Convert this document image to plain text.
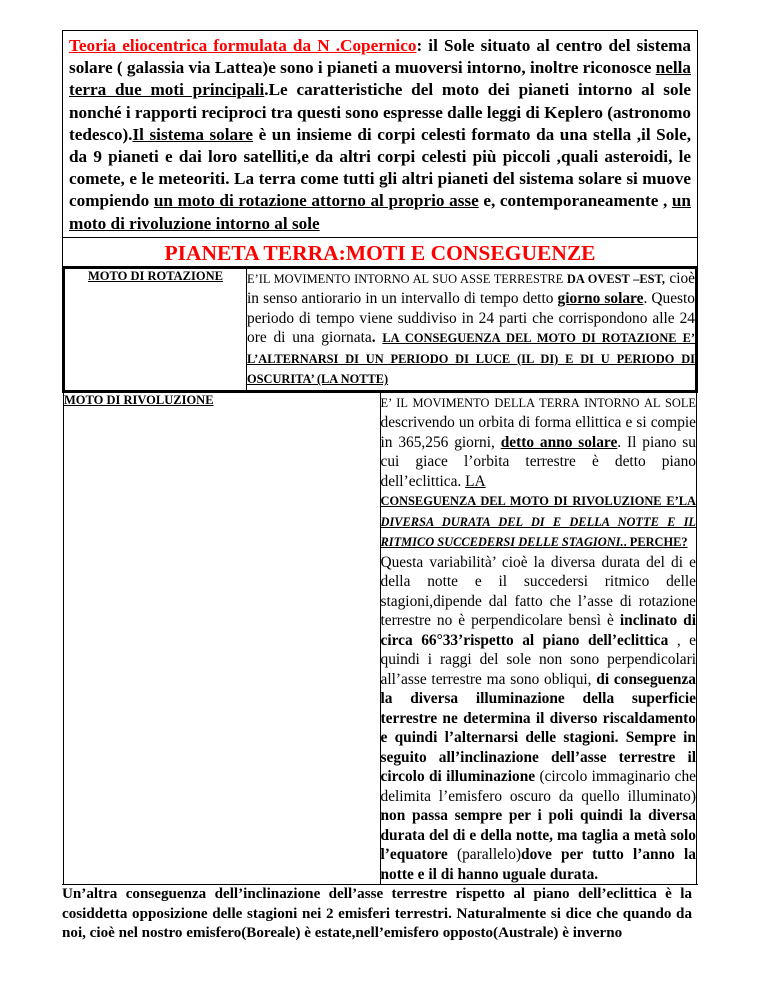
Teoria eliocentrica formulata da N .Copernico: il Sole situato al centro del sistema solare ( galassia via Lattea)e sono i pianeti a muoversi intorno, inoltre riconosce nella terra due moti principali.Le caratteristiche del moto dei pianeti intorno al sole nonché i rapporti reciproci tra questi sono espresse dalle leggi di Keplero (astronomo tedesco).Il sistema solare è un insieme di corpi celesti formato da una stella ,il Sole, da 9 pianeti e dai loro satelliti,e da altri corpi celesti più piccoli ,quali asteroidi, le comete, e le meteoriti. La terra come tutti gli altri pianeti del sistema solare si muove compiendo un moto di rotazione attorno al proprio asse e, contemporaneamente , un moto di rivoluzione intorno al sole
PIANETA TERRA:MOTI E CONSEGUENZE
MOTO DI ROTAZIONE	E’IL MOVIMENTO INTORNO AL SUO ASSE TERRESTRE DA OVEST –EST, cioè in senso antiorario in un intervallo di tempo detto giorno solare. Questo periodo di tempo viene suddiviso in 24 parti che corrispondono alle 24 ore di una giornata. LA CONSEGUENZA DEL MOTO DI ROTAZIONE E’ L’ALTERNARSI DI UN PERIODO DI LUCE (IL DI) E DI U PERIODO DI OSCURITA’ (LA NOTTE)

MOTO DI RIVOLUZIONE	E’ IL MOVIMENTO DELLA TERRA INTORNO AL SOLE descrivendo un orbita di forma ellittica e si compie in 365,256 giorni, detto anno solare. Il piano su cui giace l’orbita terrestre è detto piano dell’eclittica. LA
CONSEGUENZA DEL MOTO DI RIVOLUZIONE E’LA DIVERSA DURATA DEL DI E DELLA NOTTE E IL RITMICO SUCCEDERSI DELLE STAGIONI.. PERCHE?
Questa variabilità’ cioè la diversa durata del di e della notte e il succedersi ritmico delle stagioni,dipende dal fatto che l’asse di rotazione terrestre no è perpendicolare bensì è inclinato di circa 66°33’rispetto al piano dell’eclittica , e quindi i raggi del sole non sono perpendicolari all’asse terrestre ma sono obliqui, di conseguenza la diversa illuminazione della superficie terrestre ne determina il diverso riscaldamento e quindi l’alternarsi delle stagioni. Sempre in seguito all’inclinazione dell’asse terrestre il circolo di illuminazione (circolo immaginario che delimita l’emisfero oscuro da quello illuminato) non passa sempre per i poli quindi la diversa durata del di e della notte, ma taglia a metà solo l’equatore (parallelo)dove per tutto l’anno la notte e il di hanno uguale durata.
Un’altra conseguenza dell’inclinazione dell’asse terrestre rispetto al piano dell’eclittica è la cosiddetta opposizione delle stagioni nei 2 emisferi terrestri. Naturalmente si dice che quando da noi, cioè nel nostro emisfero(Boreale) è estate,nell’emisfero opposto(Australe) è inverno
